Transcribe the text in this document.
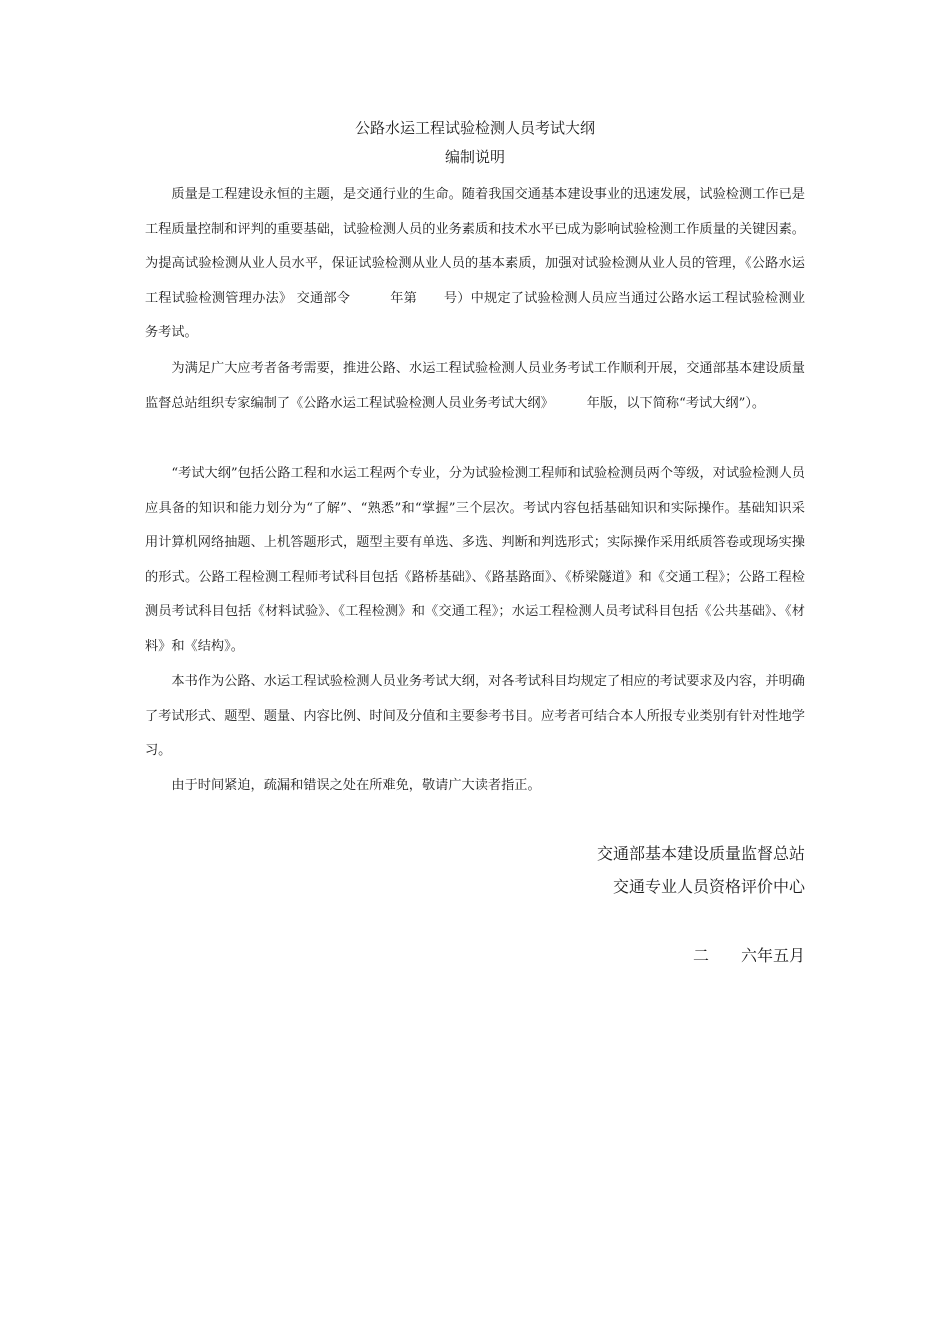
公路水运工程试验检测人员考试大纲
编制说明

质量是工程建设永恒的主题，是交通行业的生命。随着我国交通基本建设事业的迅速发展，试验检测工作已是工程质量控制和评判的重要基础，试验检测人员的业务素质和技术水平已成为影响试验检测工作质量的关键因素。为提高试验检测从业人员水平，保证试验检测从业人员的基本素质，加强对试验检测从业人员的管理，《公路水运工程试验检测管理办法》 交通部令　　　年第　　号）中规定了试验检测人员应当通过公路水运工程试验检测业务考试。

为满足广大应考者备考需要，推进公路、水运工程试验检测人员业务考试工作顺利开展，交通部基本建设质量监督总站组织专家编制了《公路水运工程试验检测人员业务考试大纲》　　　年版，以下简称“考试大纲”）。

“考试大纲”包括公路工程和水运工程两个专业，分为试验检测工程师和试验检测员两个等级，对试验检测人员应具备的知识和能力划分为“了解”、“熟悉”和“掌握”三个层次。考试内容包括基础知识和实际操作。基础知识采用计算机网络抽题、上机答题形式，题型主要有单选、多选、判断和判选形式；实际操作采用纸质答卷或现场实操的形式。公路工程检测工程师考试科目包括《路桥基础》、《路基路面》、《桥梁隧道》和《交通工程》；公路工程检测员考试科目包括《材料试验》、《工程检测》和《交通工程》；水运工程检测人员考试科目包括《公共基础》、《材料》和《结构》。

本书作为公路、水运工程试验检测人员业务考试大纲，对各考试科目均规定了相应的考试要求及内容，并明确了考试形式、题型、题量、内容比例、时间及分值和主要参考书目。应考者可结合本人所报专业类别有针对性地学习。

由于时间紧迫，疏漏和错误之处在所难免，敬请广大读者指正。

交通部基本建设质量监督总站
交通专业人员资格评价中心
二　　六年五月
